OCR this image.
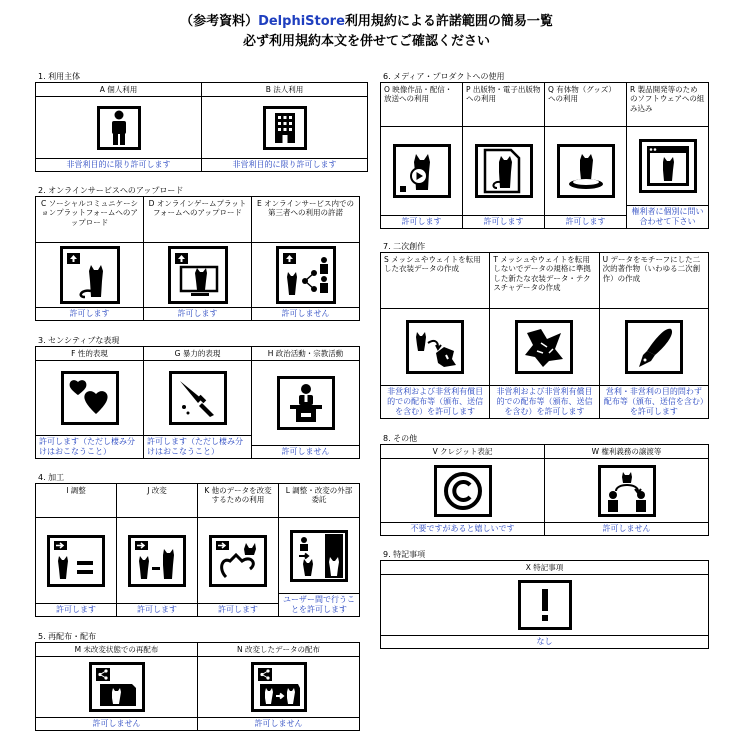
（参考資料）DelphiStore利用規約による許諾範囲の簡易一覧
必ず利用規約本文を併せてご確認ください
1. 利用主体
A 個人利用
非営利目的に限り許可します
B 法人利用
非営利目的に限り許可します
2. オンラインサービスへのアップロード
C ソーシャルコミュニケーションプラットフォームへのアップロード
許可します
D オンラインゲームプラットフォームへのアップロード
許可します
E オンラインサービス内での第三者への利用の許諾
許可しません
3. センシティブな表現
F 性的表現
許可します（ただし棲み分けはおこなうこと）
G 暴力的表現
許可します（ただし棲み分けはおこなうこと）
H 政治活動・宗教活動
許可しません
4. 加工
I 調整
許可します
J 改変
許可します
K 他のデータを改変するための利用
許可します
L 調整・改変の外部委託
ユーザー間で行うことを許可します
5. 再配布・配布
M 未改変状態での再配布
許可しません
N 改変したデータの配布
許可しません
6. メディア・プロダクトへの使用
O 映像作品・配信・放送への利用
許可します
P 出版物・電子出版物への利用
許可します
Q 有体物（グッズ）への利用
許可します
R 製品開発等のためのソフトウェアへの組み込み
権利者に個別に問い合わせて下さい
7. 二次創作
S メッシュやウェイトを転用した衣装データの作成
非営利および非営利有償目的での配布等（頒布、送信を含む）を許可します
T メッシュやウェイトを転用しないでデータの規格に準拠した新たな衣装データ・テクスチャデータの作成
非営利および非営利有償目的での配布等（頒布、送信を含む）を許可します
U データをモチーフにした二次的著作物（いわゆる二次創作）の作成
営利・非営利の目的問わず配布等（頒布、送信を含む）を許可します
8. その他
V クレジット表記
不要ですがあると嬉しいです
W 権利義務の譲渡等
許可しません
9. 特記事項
X 特記事項
なし
